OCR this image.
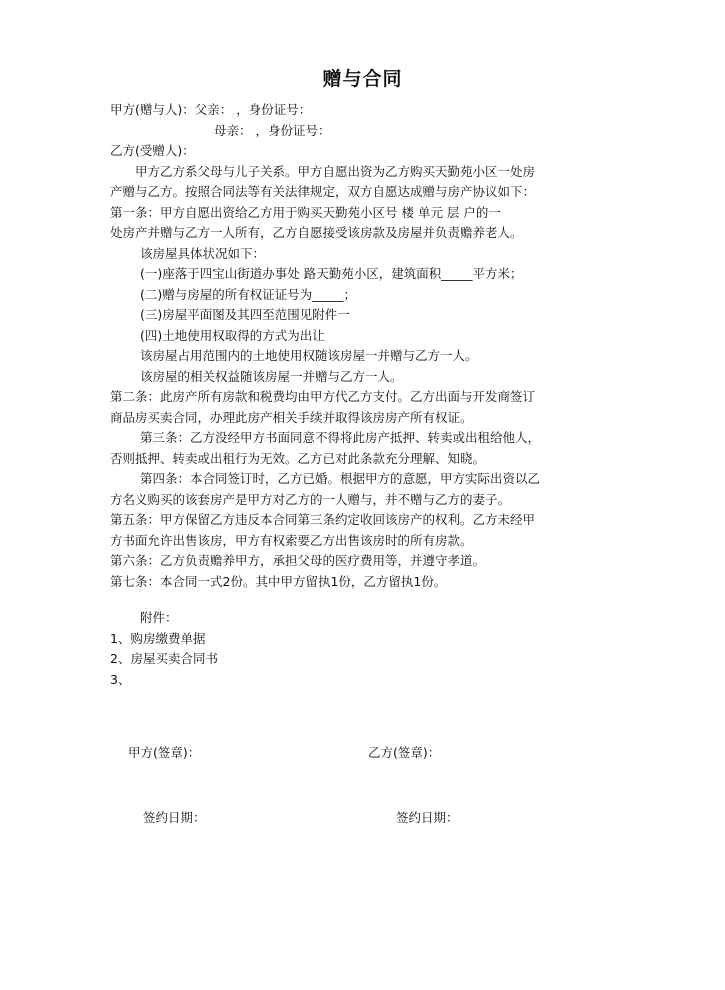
赠与合同
甲方(赠与人)：父亲： ，身份证号：
母亲： ，身份证号：
乙方(受赠人)：
甲方乙方系父母与儿子关系。甲方自愿出资为乙方购买天勤苑小区一处房
产赠与乙方。按照合同法等有关法律规定，双方自愿达成赠与房产协议如下：
第一条：甲方自愿出资给乙方用于购买天勤苑小区号 楼 单元 层 户的一
处房产并赠与乙方一人所有，乙方自愿接受该房款及房屋并负责赡养老人。
该房屋具体状况如下：
(一)座落于四宝山街道办事处 路天勤苑小区，建筑面积_____平方米；
(二)赠与房屋的所有权证证号为_____；
(三)房屋平面图及其四至范围见附件一
(四)土地使用权取得的方式为出让
该房屋占用范围内的土地使用权随该房屋一并赠与乙方一人。
该房屋的相关权益随该房屋一并赠与乙方一人。
第二条：此房产所有房款和税费均由甲方代乙方支付。乙方出面与开发商签订
商品房买卖合同，办理此房产相关手续并取得该房房产所有权证。
第三条：乙方没经甲方书面同意不得将此房产抵押、转卖或出租给他人，
否则抵押、转卖或出租行为无效。乙方已对此条款充分理解、知晓。
第四条：本合同签订时，乙方已婚。根据甲方的意愿，甲方实际出资以乙
方名义购买的该套房产是甲方对乙方的一人赠与，并不赠与乙方的妻子。
第五条：甲方保留乙方违反本合同第三条约定收回该房产的权利。乙方未经甲
方书面允许出售该房，甲方有权索要乙方出售该房时的所有房款。
第六条：乙方负责赡养甲方，承担父母的医疗费用等，并遵守孝道。
第七条：本合同一式2份。其中甲方留执1份，乙方留执1份。
附件：
1、购房缴费单据
2、房屋买卖合同书
3、
甲方(签章)：	乙方(签章)：
签约日期：	签约日期：
